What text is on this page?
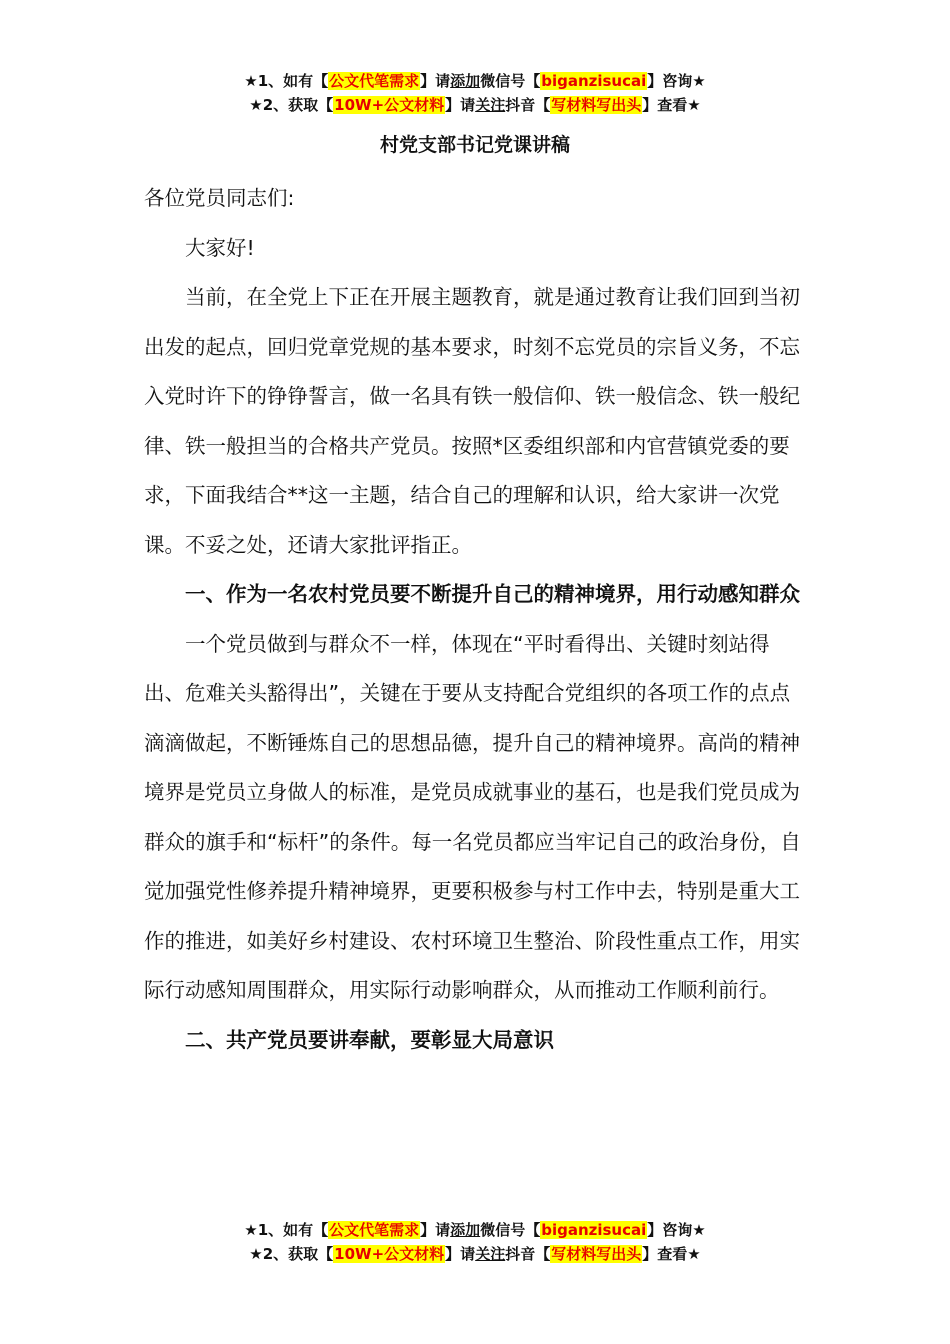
★1、如有【公文代笔需求】请添加微信号【biganzisucai】咨询★
★2、获取【10W+公文材料】请关注抖音【写材料写出头】查看★
村党支部书记党课讲稿

各位党员同志们:

大家好!

当前，在全党上下正在开展主题教育，就是通过教育让我们回到当初出发的起点，回归党章党规的基本要求，时刻不忘党员的宗旨义务，不忘入党时许下的铮铮誓言，做一名具有铁一般信仰、铁一般信念、铁一般纪律、铁一般担当的合格共产党员。按照*区委组织部和内官营镇党委的要求，下面我结合**这一主题，结合自己的理解和认识，给大家讲一次党课。不妥之处，还请大家批评指正。

一、作为一名农村党员要不断提升自己的精神境界，用行动感知群众

一个党员做到与群众不一样，体现在“平时看得出、关键时刻站得出、危难关头豁得出”，关键在于要从支持配合党组织的各项工作的点点滴滴做起，不断锤炼自己的思想品德，提升自己的精神境界。高尚的精神境界是党员立身做人的标准，是党员成就事业的基石，也是我们党员成为群众的旗手和“标杆”的条件。每一名党员都应当牢记自己的政治身份，自觉加强党性修养提升精神境界，更要积极参与村工作中去，特别是重大工作的推进，如美好乡村建设、农村环境卫生整治、阶段性重点工作，用实际行动感知周围群众，用实际行动影响群众，从而推动工作顺利前行。

二、共产党员要讲奉献，要彰显大局意识

★1、如有【公文代笔需求】请添加微信号【biganzisucai】咨询★
★2、获取【10W+公文材料】请关注抖音【写材料写出头】查看★
